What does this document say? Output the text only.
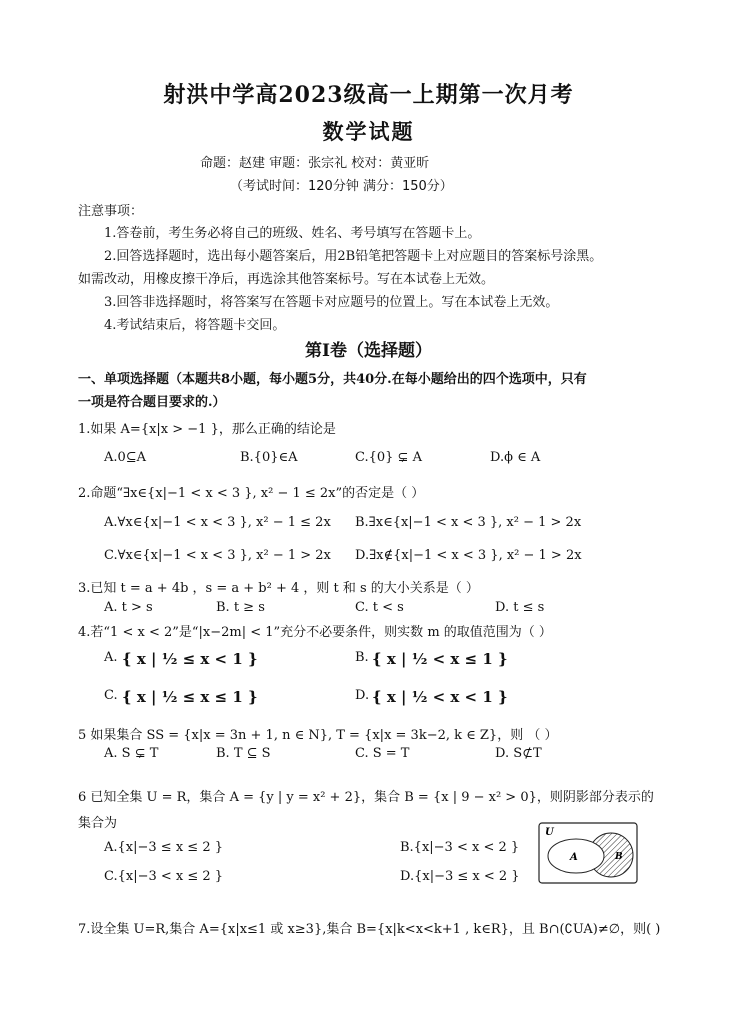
射洪中学高2023级高一上期第一次月考
数学试题
命题：赵建 审题：张宗礼 校对：黄亚昕
（考试时间：120分钟 满分：150分）
注意事项：
1.答卷前，考生务必将自己的班级、姓名、考号填写在答题卡上。
2.回答选择题时，选出每小题答案后，用2B铅笔把答题卡上对应题目的答案标号涂黑。
如需改动，用橡皮擦干净后，再选涂其他答案标号。写在本试卷上无效。
3.回答非选择题时，将答案写在答题卡对应题号的位置上。写在本试卷上无效。
4.考试结束后，将答题卡交回。
第I卷（选择题）
一、单项选择题（本题共8小题，每小题5分，共40分.在每小题给出的四个选项中，只有
一项是符合题目要求的.）
1.如果 A={x|x > −1 }，那么正确的结论是
A.0⊆A	B.{0}∈A	C.{0} ⊊ A	D.ϕ ∈ A
2.命题“∃x∈{x|−1 < x < 3 }, x² − 1 ≤ 2x”的否定是（ ）
A.∀x∈{x|−1 < x < 3 }, x² − 1 ≤ 2x B.∃x∈{x|−1 < x < 3 }, x² − 1 > 2x
C.∀x∈{x|−1 < x < 3 }, x² − 1 > 2x D.∃x∉{x|−1 < x < 3 }, x² − 1 > 2x
3.已知 t = a + 4b ，s = a + b² + 4 ，则 t 和 s 的大小关系是（ ）
A. t > s	B. t ≥ s	C. t < s	D. t ≤ s
4.若“1 < x < 2”是“|x−2m| < 1”充分不必要条件，则实数 m 的取值范围为（ ）
A. { x | ½ ≤ x < 1 }	B. { x | ½ < x ≤ 1 }
C. { x | ½ ≤ x ≤ 1 }	D. { x | ½ < x < 1 }
5 如果集合 SS = {x|x = 3n + 1, n ∈ N}, T = {x|x = 3k−2, k ∈ Z}，则 （ ）
A. S ⊊ T	B. T ⊆ S	C. S = T	D. S⊄T
6 已知全集 U = R，集合 A = {y | y = x² + 2}，集合 B = {x | 9 − x² > 0}，则阴影部分表示的
集合为
A.{x|−3 ≤ x ≤ 2 }	B.{x|−3 < x < 2 }
C.{x|−3 < x ≤ 2 }	D.{x|−3 ≤ x < 2 }
U
A	B
7.设全集 U=R,集合 A={x|x≤1 或 x≥3},集合 B={x|k<x<k+1 , k∈R}，且 B∩(∁UA)≠∅，则( )
